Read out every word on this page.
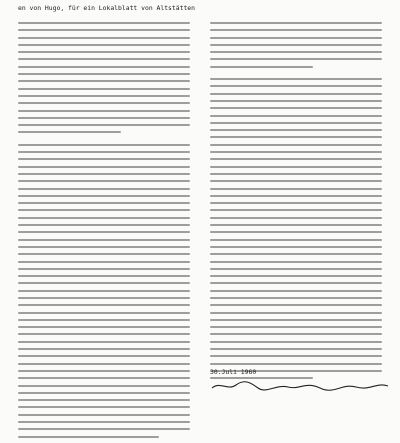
en von Hugo, für ein Lokalblatt von Altstätten
30.Juli 1960
